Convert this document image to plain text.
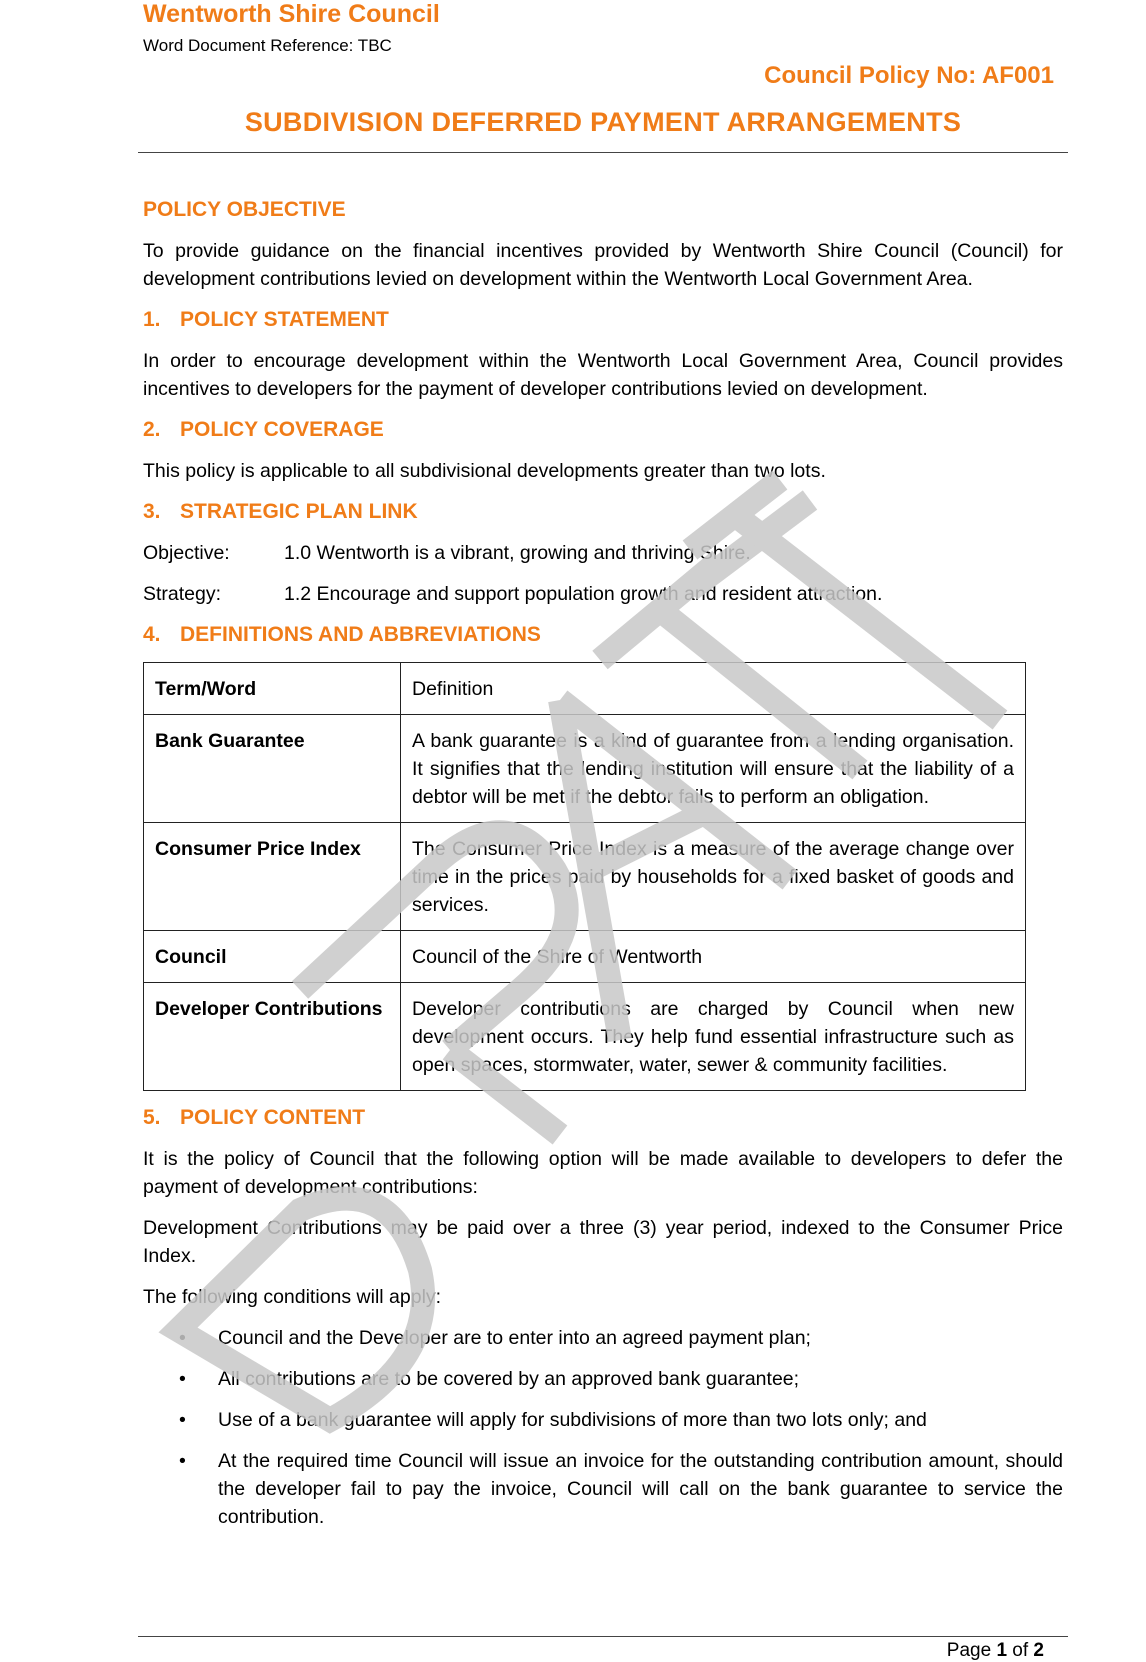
Wentworth Shire Council
Word Document Reference: TBC
Council Policy No: AF001
SUBDIVISION DEFERRED PAYMENT ARRANGEMENTS
POLICY OBJECTIVE

To provide guidance on the financial incentives provided by Wentworth Shire Council (Council) for development contributions levied on development within the Wentworth Local Government Area.

1. POLICY STATEMENT

In order to encourage development within the Wentworth Local Government Area, Council provides incentives to developers for the payment of developer contributions levied on development.

2. POLICY COVERAGE

This policy is applicable to all subdivisional developments greater than two lots.

3. STRATEGIC PLAN LINK
Objective:	1.0 Wentworth is a vibrant, growing and thriving Shire.
Strategy:	1.2 Encourage and support population growth and resident attraction.
4. DEFINITIONS AND ABBREVIATIONS
Term/Word	Definition
Bank Guarantee	A bank guarantee is a kind of guarantee from a lending organisation. It signifies that the lending institution will ensure that the liability of a debtor will be met if the debtor fails to perform an obligation.
Consumer Price Index	The Consumer Price Index is a measure of the average change over time in the prices paid by households for a fixed basket of goods and services.
Council	Council of the Shire of Wentworth
Developer Contributions	Developer contributions are charged by Council when new development occurs. They help fund essential infrastructure such as open spaces, stormwater, water, sewer & community facilities.
5. POLICY CONTENT

It is the policy of Council that the following option will be made available to developers to defer the payment of development contributions:

Development Contributions may be paid over a three (3) year period, indexed to the Consumer Price Index.

The following conditions will apply:

• Council and the Developer are to enter into an agreed payment plan;
• All contributions are to be covered by an approved bank guarantee;
• Use of a bank guarantee will apply for subdivisions of more than two lots only; and
• At the required time Council will issue an invoice for the outstanding contribution amount, should the developer fail to pay the invoice, Council will call on the bank guarantee to service the contribution.
Page 1 of 2
